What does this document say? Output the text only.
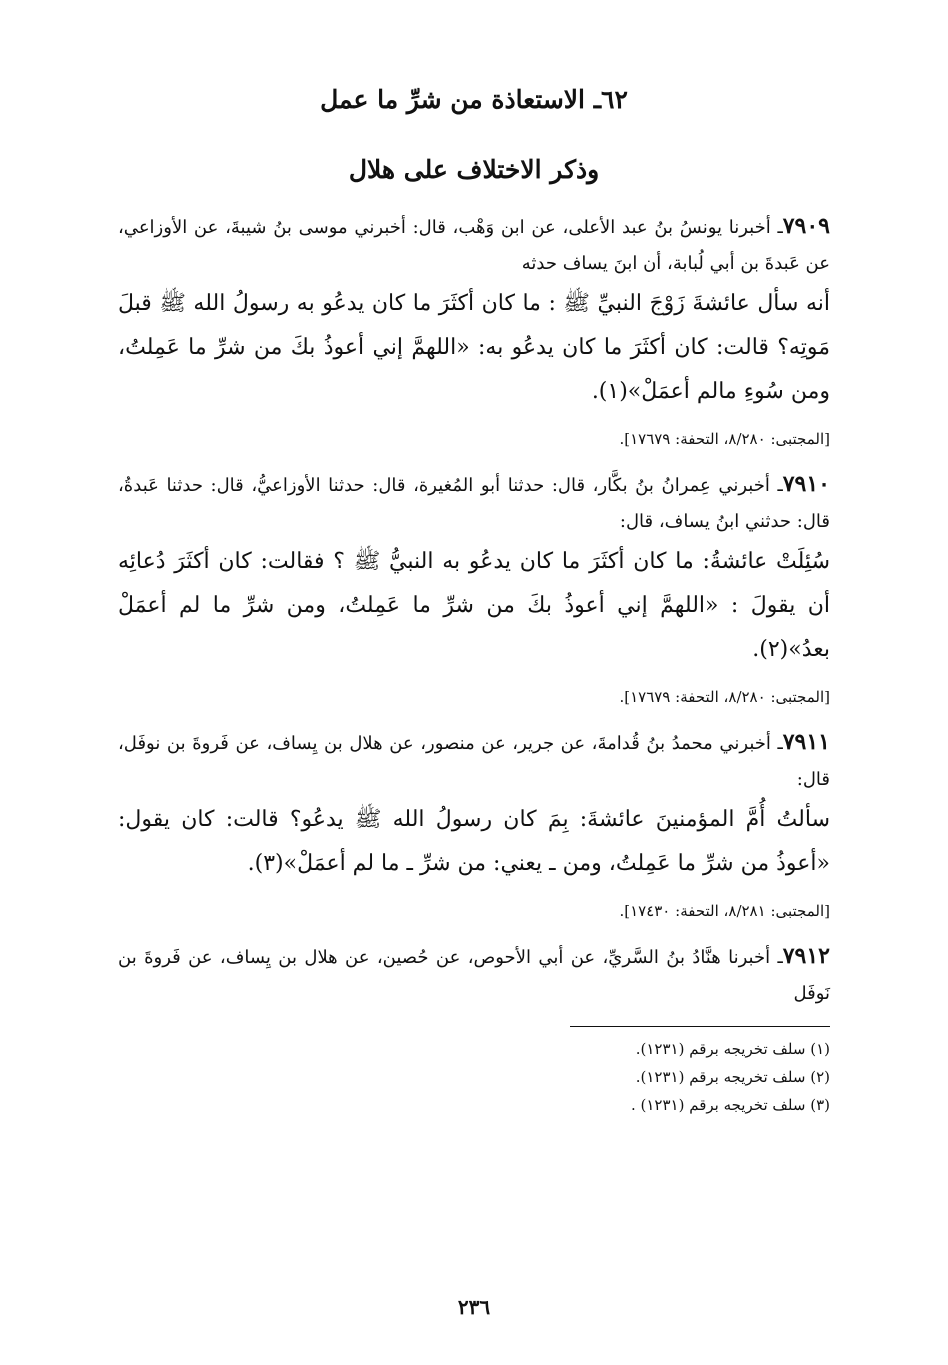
٦٢ـ الاستعاذة من شرِّ ما عمل
وذكر الاختلاف على هلال

٧٩٠٩ـ أخبرنا يونسُ بنُ عبد الأعلى، عن ابن وَهْب، قال: أخبرني موسى بنُ شيبةَ، عن الأوزاعي، عن عَبدةَ بن أبي لُبابة، أن ابنَ يساف حدثه

أنه سأل عائشةَ زَوْجَ النبيِّ ﷺ : ما كان أكثَرَ ما كان يدعُو به رسولُ الله ﷺ قبلَ مَوتِه؟ قالت: كان أكثَرَ ما كان يدعُو به: «اللهمَّ إني أعوذُ بكَ من شرِّ ما عَمِلتُ، ومن سُوءِ مالم أعمَلْ»(١).

[المجتبى: ٨/٢٨٠، التحفة: ١٧٦٧٩].

٧٩١٠ـ أخبرني عِمرانُ بنُ بكَّار، قال: حدثنا أبو المُغيرة، قال: حدثنا الأوزاعيُّ، قال: حدثنا عَبدةُ، قال: حدثني ابنُ يساف، قال:

سُئِلَتْ عائشةُ: ما كان أكثَرَ ما كان يدعُو به النبيُّ ﷺ ؟ فقالت: كان أكثَرَ دُعائِه أن يقولَ : «اللهمَّ إني أعوذُ بكَ من شرِّ ما عَمِلتُ، ومن شرِّ ما لم أعمَلْ بعدُ»(٢).

[المجتبى: ٨/٢٨٠، التحفة: ١٧٦٧٩].

٧٩١١ـ أخبرني محمدُ بنُ قُدامةَ، عن جرير، عن منصور، عن هلال بن يِساف، عن فَروةَ بن نوفَل، قال:

سألتُ أُمَّ المؤمنينَ عائشةَ: بِمَ كان رسولُ الله ﷺ يدعُو؟ قالت: كان يقول: «أعوذُ من شرِّ ما عَمِلتُ، ومن ـ يعني: من شرِّ ـ ما لم أعمَلْ»(٣).

[المجتبى: ٨/٢٨١، التحفة: ١٧٤٣٠].

٧٩١٢ـ أخبرنا هنَّادُ بنُ السَّريِّ، عن أبي الأحوص، عن حُصين، عن هلال بن يِساف، عن فَروةَ بن نَوفَل

(١) سلف تخريجه برقم (١٢٣١).

(٢) سلف تخريجه برقم (١٢٣١).

(٣) سلف تخريجه برقم (١٢٣١) .

٢٣٦
